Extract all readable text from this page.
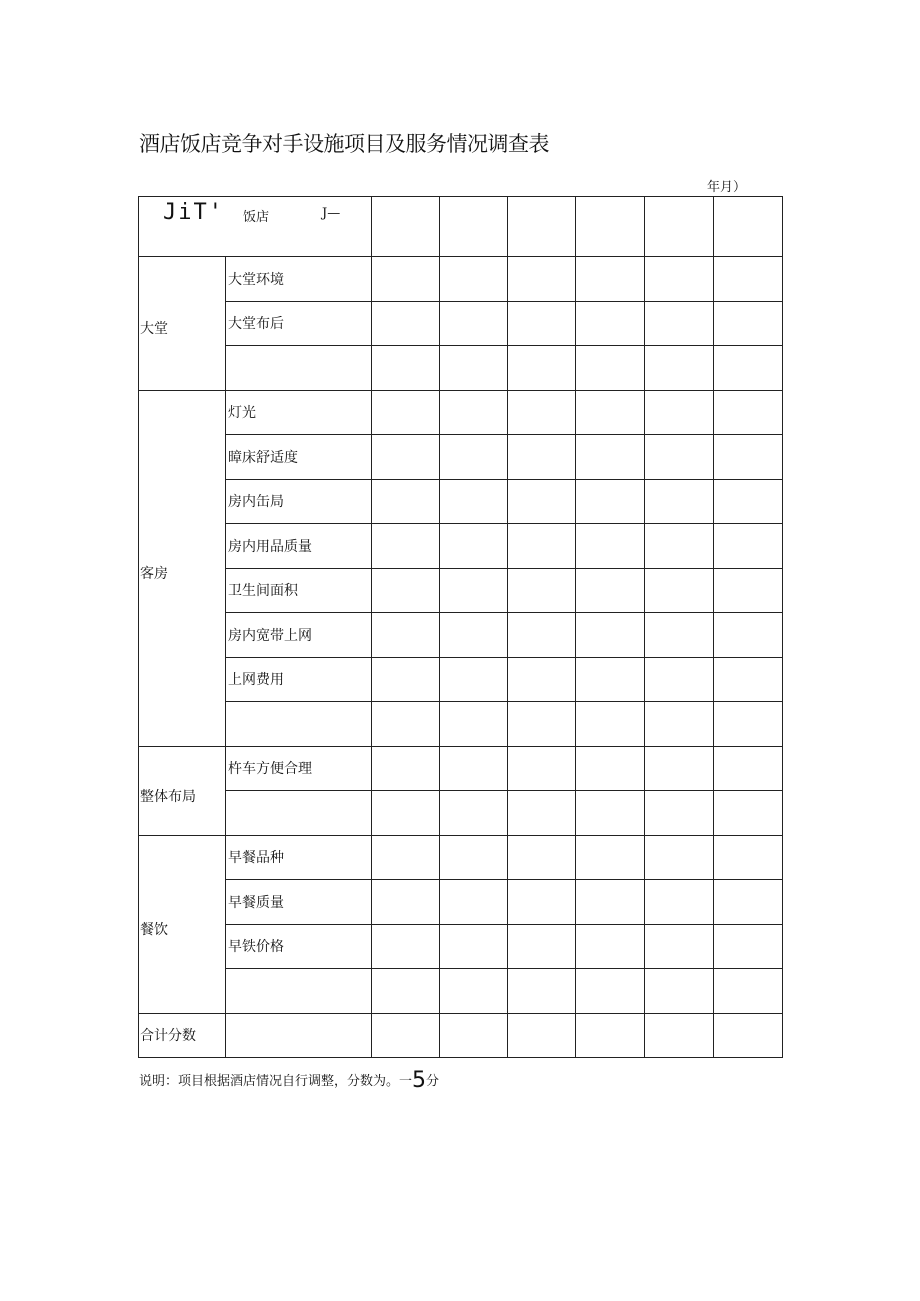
酒店饭店竞争对手设施项目及服务情况调查表
年月）
JiT' 饭店 J—							

大堂	大堂环境						
	大堂布后						

客房	灯光						
	暲床舒适度						
	房内缶局						
	房内用品质量						
	卫生间面积						
	房内宽带上网						
	上网费用						

整体布局	杵车方便合理						

餐饮	早餐品种						
	早餐质量						
	早铁价格						

合计分数							
说明：项目根据酒店情况自行调整，分数为。一5分
